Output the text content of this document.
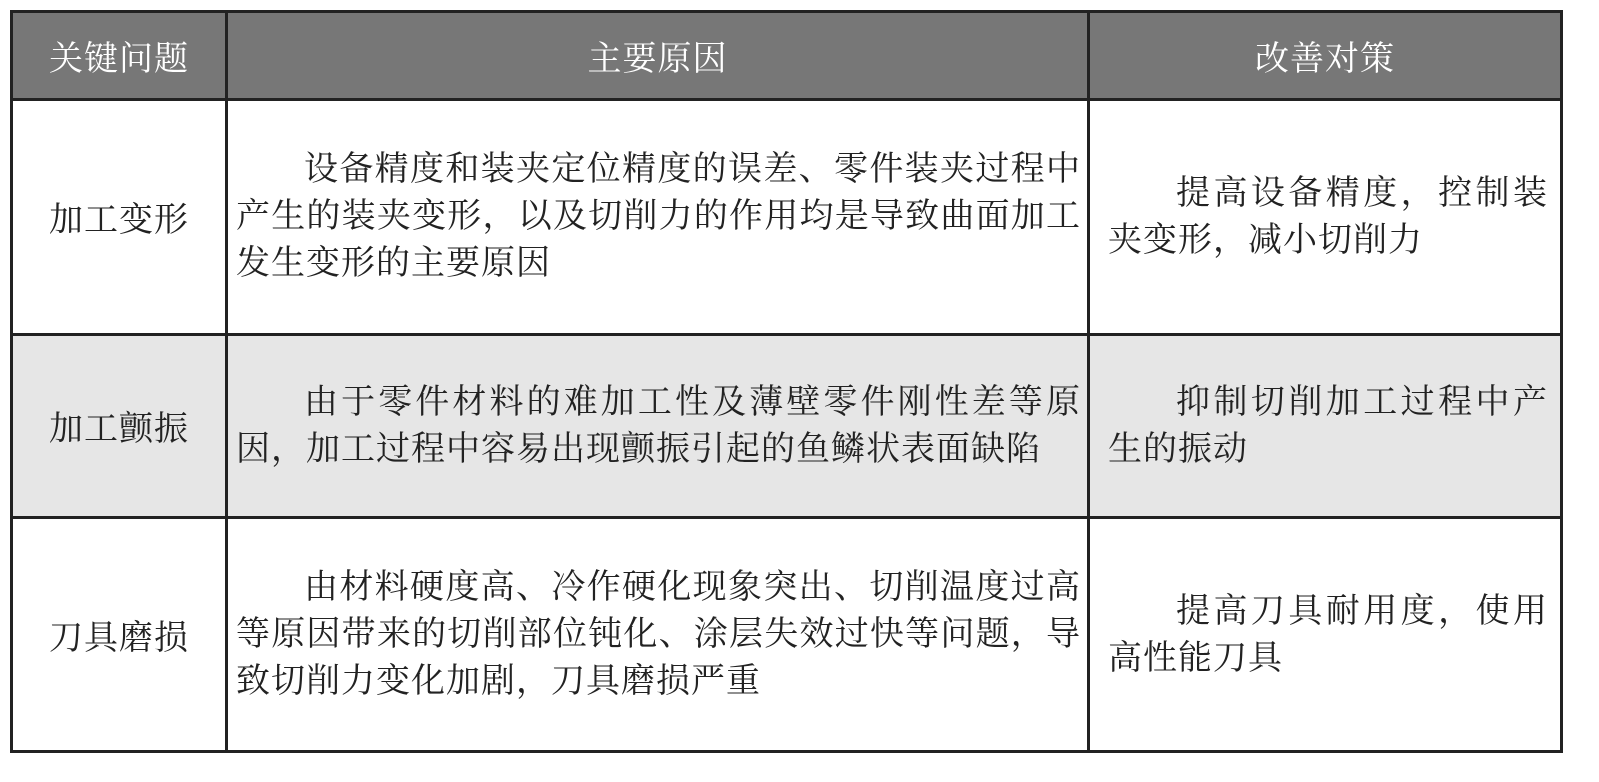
关键问题	主要原因	改善对策
加工变形	设备精度和装夹定位精度的误差、零件装夹过程中产生的装夹变形，以及切削力的作用均是导致曲面加工发生变形的主要原因	提高设备精度，控制装夹变形，减小切削力

加工颤振	由于零件材料的难加工性及薄壁零件刚性差等原因，加工过程中容易出现颤振引起的鱼鳞状表面缺陷	抑制切削加工过程中产生的振动

刀具磨损	由材料硬度高、冷作硬化现象突出、切削温度过高等原因带来的切削部位钝化、涂层失效过快等问题，导致切削力变化加剧，刀具磨损严重	提高刀具耐用度，使用高性能刀具
